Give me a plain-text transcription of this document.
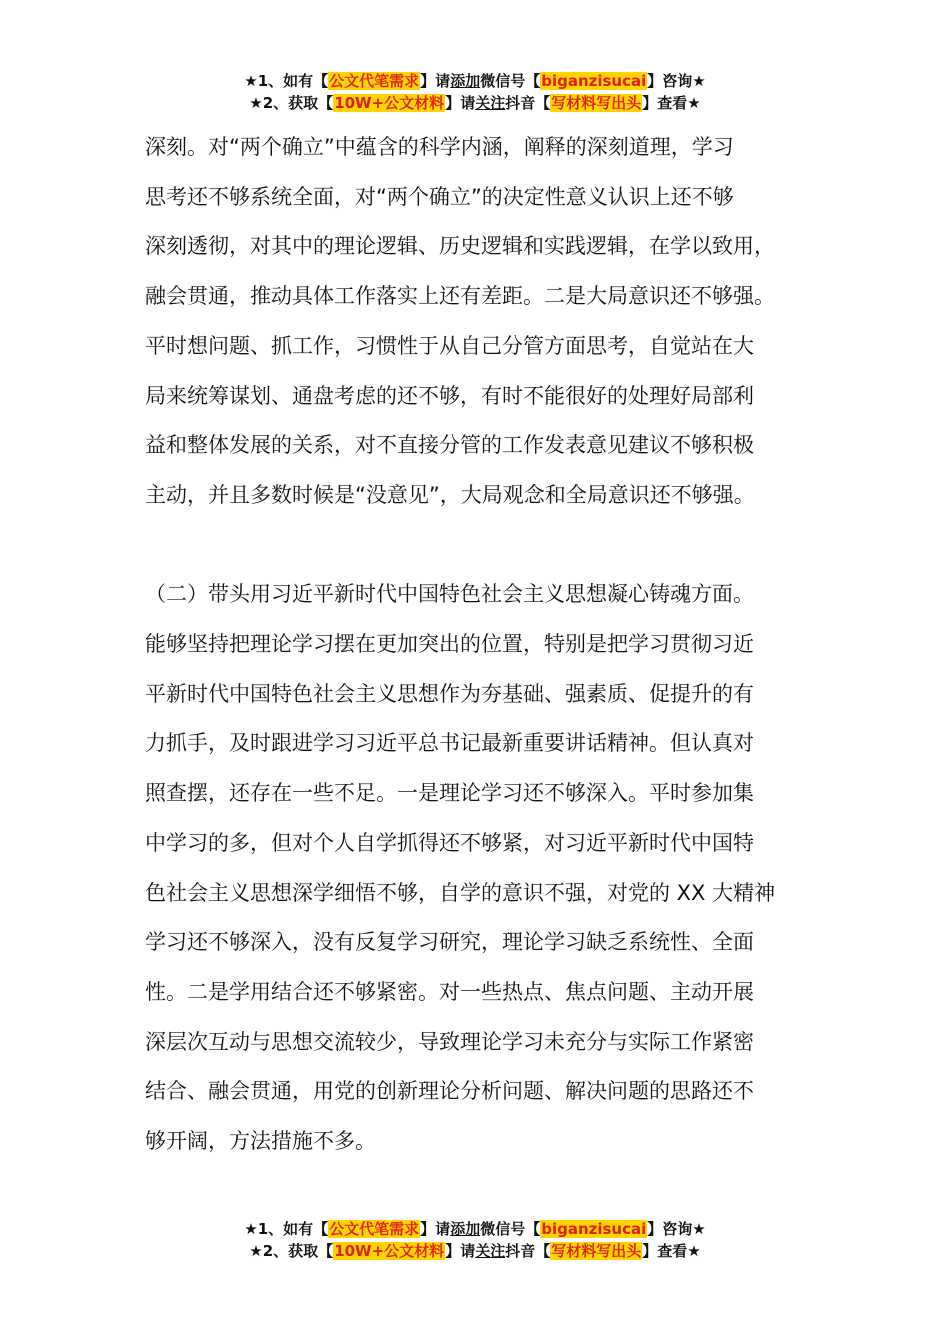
★1、如有【公文代笔需求】请添加微信号【biganzisucai】咨询★
★2、获取【10W+公文材料】请关注抖音【写材料写出头】查看★
深刻。对“两个确立”中蕴含的科学内涵，阐释的深刻道理，学习
思考还不够系统全面，对“两个确立”的决定性意义认识上还不够
深刻透彻，对其中的理论逻辑、历史逻辑和实践逻辑，在学以致用，
融会贯通，推动具体工作落实上还有差距。二是大局意识还不够强。
平时想问题、抓工作，习惯性于从自己分管方面思考，自觉站在大
局来统筹谋划、通盘考虑的还不够，有时不能很好的处理好局部利
益和整体发展的关系，对不直接分管的工作发表意见建议不够积极
主动，并且多数时候是“没意见”，大局观念和全局意识还不够强。
（二）带头用习近平新时代中国特色社会主义思想凝心铸魂方面。
能够坚持把理论学习摆在更加突出的位置，特别是把学习贯彻习近
平新时代中国特色社会主义思想作为夯基础、强素质、促提升的有
力抓手，及时跟进学习习近平总书记最新重要讲话精神。但认真对
照查摆，还存在一些不足。一是理论学习还不够深入。平时参加集
中学习的多，但对个人自学抓得还不够紧，对习近平新时代中国特
色社会主义思想深学细悟不够，自学的意识不强，对党的 XX 大精神
学习还不够深入，没有反复学习研究，理论学习缺乏系统性、全面
性。二是学用结合还不够紧密。对一些热点、焦点问题、主动开展
深层次互动与思想交流较少，导致理论学习未充分与实际工作紧密
结合、融会贯通，用党的创新理论分析问题、解决问题的思路还不
够开阔，方法措施不多。
★1、如有【公文代笔需求】请添加微信号【biganzisucai】咨询★
★2、获取【10W+公文材料】请关注抖音【写材料写出头】查看★
